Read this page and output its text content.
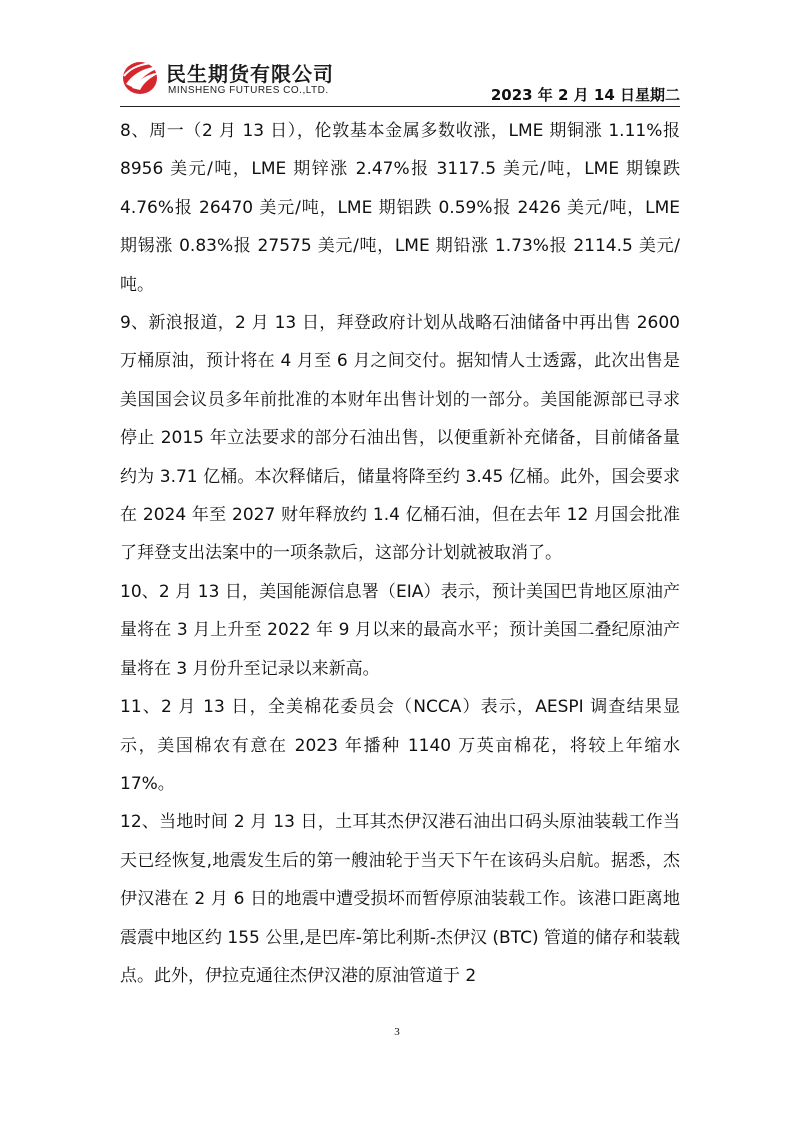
民生期货有限公司
MINSHENG FUTURES CO.,LTD.	2023 年 2 月 14 日星期二

8、周一（2 月 13 日），伦敦基本金属多数收涨，LME 期铜涨 1.11%报 8956 美元/吨，LME 期锌涨 2.47%报 3117.5 美元/吨，LME 期镍跌 4.76%报 26470 美元/吨，LME 期铝跌 0.59%报 2426 美元/吨，LME 期锡涨 0.83%报 27575 美元/吨，LME 期铅涨 1.73%报 2114.5 美元/吨。

9、新浪报道，2 月 13 日，拜登政府计划从战略石油储备中再出售 2600 万桶原油，预计将在 4 月至 6 月之间交付。据知情人士透露，此次出售是美国国会议员多年前批准的本财年出售计划的一部分。美国能源部已寻求停止 2015 年立法要求的部分石油出售，以便重新补充储备，目前储备量约为 3.71 亿桶。本次释储后，储量将降至约 3.45 亿桶。此外，国会要求在 2024 年至 2027 财年释放约 1.4 亿桶石油，但在去年 12 月国会批准了拜登支出法案中的一项条款后，这部分计划就被取消了。

10、2 月 13 日，美国能源信息署（EIA）表示，预计美国巴肯地区原油产量将在 3 月上升至 2022 年 9 月以来的最高水平；预计美国二叠纪原油产量将在 3 月份升至记录以来新高。

11、2 月 13 日，全美棉花委员会（NCCA）表示，AESPI 调查结果显示，美国棉农有意在 2023 年播种 1140 万英亩棉花，将较上年缩水 17%。

12、当地时间 2 月 13 日，土耳其杰伊汉港石油出口码头原油装载工作当天已经恢复,地震发生后的第一艘油轮于当天下午在该码头启航。据悉，杰伊汉港在 2 月 6 日的地震中遭受损坏而暂停原油装载工作。该港口距离地震震中地区约 155 公里,是巴库-第比利斯-杰伊汉 (BTC) 管道的储存和装载点。此外，伊拉克通往杰伊汉港的原油管道于 2

3
